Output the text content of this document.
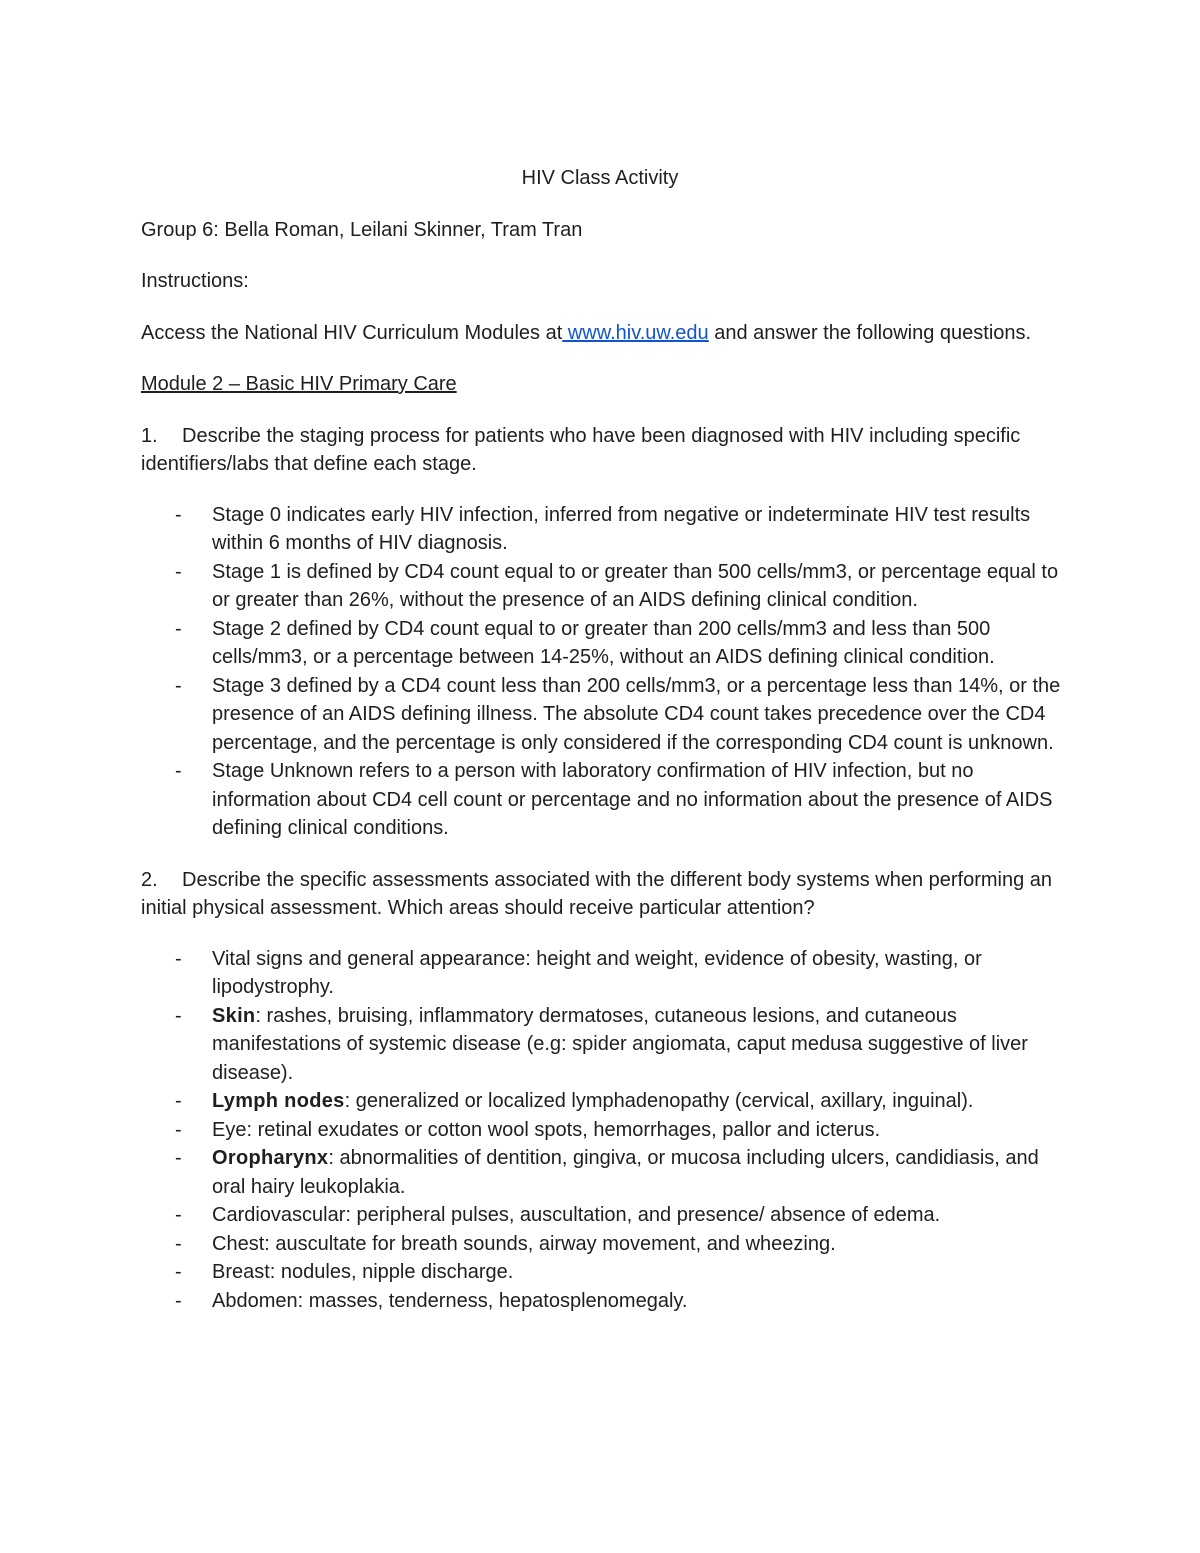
HIV Class Activity
Group 6: Bella Roman, Leilani Skinner, Tram Tran
Instructions:
Access the National HIV Curriculum Modules at www.hiv.uw.edu and answer the following questions.
Module 2 – Basic HIV Primary Care
1. Describe the staging process for patients who have been diagnosed with HIV including specific identifiers/labs that define each stage.
- Stage 0 indicates early HIV infection, inferred from negative or indeterminate HIV test results within 6 months of HIV diagnosis.
- Stage 1 is defined by CD4 count equal to or greater than 500 cells/mm3, or percentage equal to or greater than 26%, without the presence of an AIDS defining clinical condition.
- Stage 2 defined by CD4 count equal to or greater than 200 cells/mm3 and less than 500 cells/mm3, or a percentage between 14-25%, without an AIDS defining clinical condition.
- Stage 3 defined by a CD4 count less than 200 cells/mm3, or a percentage less than 14%, or the presence of an AIDS defining illness. The absolute CD4 count takes precedence over the CD4 percentage, and the percentage is only considered if the corresponding CD4 count is unknown.
- Stage Unknown refers to a person with laboratory confirmation of HIV infection, but no information about CD4 cell count or percentage and no information about the presence of AIDS defining clinical conditions.
2. Describe the specific assessments associated with the different body systems when performing an initial physical assessment. Which areas should receive particular attention?
- Vital signs and general appearance: height and weight, evidence of obesity, wasting, or lipodystrophy.
- Skin: rashes, bruising, inflammatory dermatoses, cutaneous lesions, and cutaneous manifestations of systemic disease (e.g: spider angiomata, caput medusa suggestive of liver disease).
- Lymph nodes: generalized or localized lymphadenopathy (cervical, axillary, inguinal).
- Eye: retinal exudates or cotton wool spots, hemorrhages, pallor and icterus.
- Oropharynx: abnormalities of dentition, gingiva, or mucosa including ulcers, candidiasis, and oral hairy leukoplakia.
- Cardiovascular: peripheral pulses, auscultation, and presence/ absence of edema.
- Chest: auscultate for breath sounds, airway movement, and wheezing.
- Breast: nodules, nipple discharge.
- Abdomen: masses, tenderness, hepatosplenomegaly.
